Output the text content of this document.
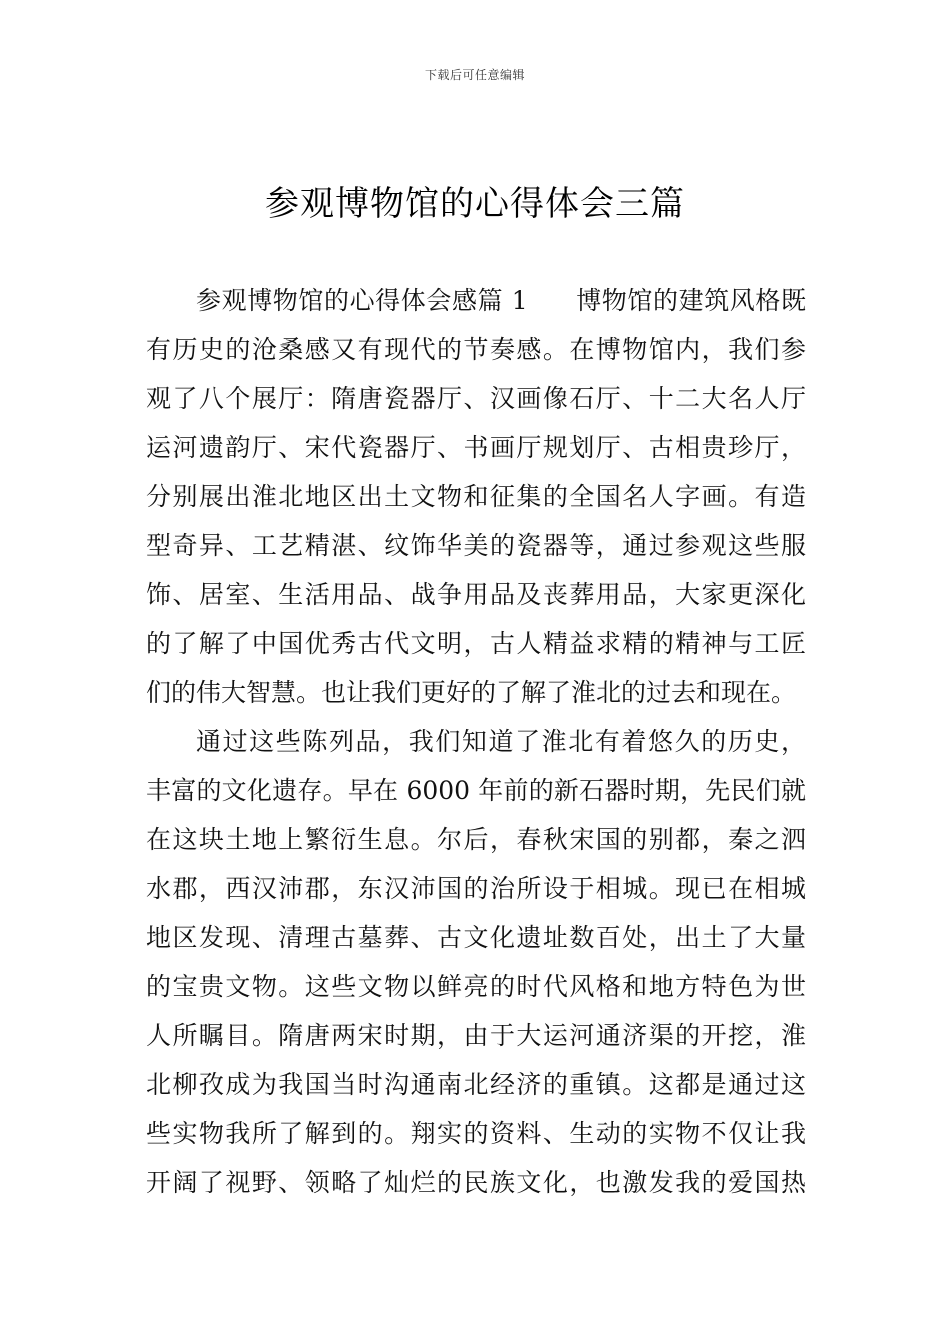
下载后可任意编辑
参观博物馆的心得体会三篇
参观博物馆的心得体会感篇 1 博物馆的建筑风格既
有历史的沧桑感又有现代的节奏感。在博物馆内，我们参
观了八个展厅：隋唐瓷器厅、汉画像石厅、十二大名人厅
运河遗韵厅、宋代瓷器厅、书画厅规划厅、古相贵珍厅，
分别展出淮北地区出土文物和征集的全国名人字画。有造
型奇异、工艺精湛、纹饰华美的瓷器等，通过参观这些服
饰、居室、生活用品、战争用品及丧葬用品，大家更深化
的了解了中国优秀古代文明，古人精益求精的精神与工匠
们的伟大智慧。也让我们更好的了解了淮北的过去和现在。
通过这些陈列品，我们知道了淮北有着悠久的历史，
丰富的文化遗存。早在 6000 年前的新石器时期，先民们就
在这块土地上繁衍生息。尔后，春秋宋国的别都，秦之泗
水郡，西汉沛郡，东汉沛国的治所设于相城。现已在相城
地区发现、清理古墓葬、古文化遗址数百处，出土了大量
的宝贵文物。这些文物以鲜亮的时代风格和地方特色为世
人所瞩目。隋唐两宋时期，由于大运河通济渠的开挖，淮
北柳孜成为我国当时沟通南北经济的重镇。这都是通过这
些实物我所了解到的。翔实的资料、生动的实物不仅让我
开阔了视野、领略了灿烂的民族文化，也激发我的爱国热
